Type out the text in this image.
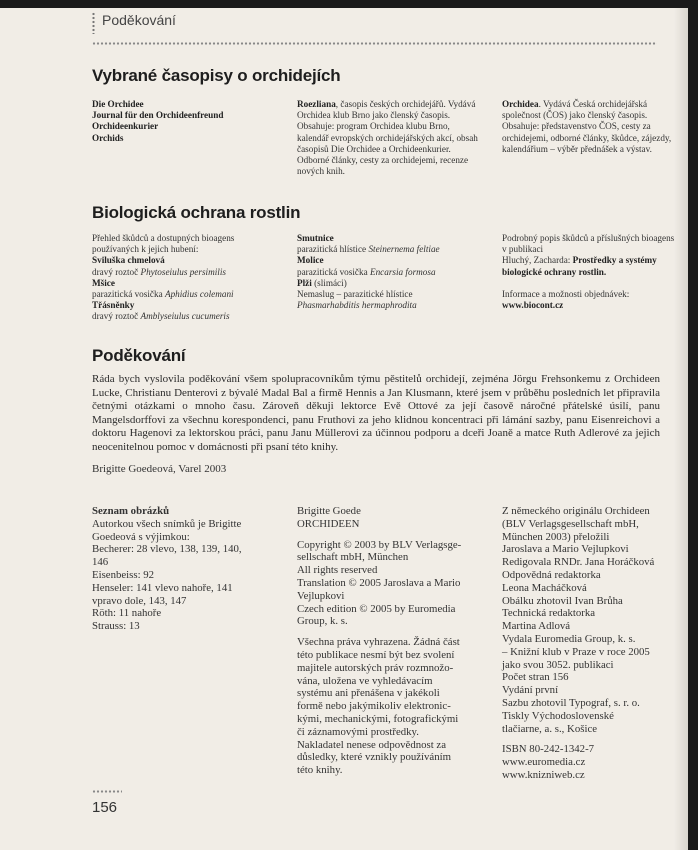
Poděkování
Vybrané časopisy o orchidejích
Die Orchidee
Journal für den Orchideenfreund
Orchideenkurier
Orchids
Roezliana, časopis českých orchidejářů. Vydává Orchidea klub Brno jako členský časopis. Obsahuje: program Orchidea klubu Brno, kalendář evropských orchidejářských akcí, obsah časopisů Die Orchidee a Orchideenkurier. Odborné články, cesty za orchidejemi, recenze nových knih.
Orchidea. Vydává Česká orchidejářská společnost (ČOS) jako členský časopis. Obsahuje: představenstvo ČOS, cesty za orchidejemi, odborné články, škůdce, zájezdy, kalendářium – výběr přednášek a výstav.
Biologická ochrana rostlin
Přehled škůdců a dostupných bioagens používaných k jejich hubení:
Sviluška chmelová
dravý roztoč Phytoseiulus persimilis
Mšice
parazitická vosička Aphidius colemani
Třásněnky
dravý roztoč Amblyseiulus cucumeris
Smutnice
parazitická hlístice Steinernema feltiae
Molice
parazitická vosička Encarsia formosa
Plži (slimáci)
Nemaslug – parazitické hlístice
Phasmarhabditis hermaphrodita
Podrobný popis škůdců a příslušných bioagens v publikaci
Hluchý, Zacharda: Prostředky a systémy biologické ochrany rostlin.
Informace a možnosti objednávek:
www.biocont.cz
Poděkování
Ráda bych vyslovila poděkování všem spolupracovníkům týmu pěstitelů orchidejí, zejména Jörgu Frehsonkemu z Orchideen Lucke, Christianu Denterovi z bývalé Madal Bal a firmě Hennis a Jan Klusmann, které jsem v průběhu posledních let připravila četnými otázkami o mnoho času. Zároveň děkuji lektorce Evě Ottové za její časově náročné přátelské úsilí, panu Mangelsdorffovi za všechnu korespondenci, panu Fruthovi za jeho klidnou koncentraci při lámání sazby, panu Eisenreichovi a doktoru Hagenovi za lektorskou práci, panu Janu Müllerovi za účinnou podporu a dceři Joaně a matce Ruth Adlerové za jejich neocenitelnou pomoc v domácnosti při psaní této knihy.
Brigitte Goedeová, Varel 2003
Seznam obrázků
Autorkou všech snímků je Brigitte
Goedeová s výjimkou:
Becherer: 28 vlevo, 138, 139, 140,
146
Eisenbeiss: 92
Henseler: 141 vlevo nahoře, 141
vpravo dole, 143, 147
Röth: 11 nahoře
Strauss: 13
Brigitte Goede
ORCHIDEEN
Copyright © 2003 by BLV Verlagsge-
sellschaft mbH, München
All rights reserved
Translation © 2005 Jaroslava a Mario
Vejlupkovi
Czech edition © 2005 by Euromedia
Group, k. s.
Všechna práva vyhrazena. Žádná část
této publikace nesmí být bez svolení
majitele autorských práv rozmnožo-
vána, uložena ve vyhledávacím
systému ani přenášena v jakékoli
formě nebo jakýmikoliv elektronic-
kými, mechanickými, fotografickými
či záznamovými prostředky.
Nakladatel nenese odpovědnost za
důsledky, které vznikly používáním
této knihy.
Z německého originálu Orchideen
(BLV Verlagsgesellschaft mbH,
München 2003) přeložili
Jaroslava a Mario Vejlupkovi
Redigovala RNDr. Jana Horáčková
Odpovědná redaktorka
Leona Macháčková
Obálku zhotovil Ivan Brůha
Technická redaktorka
Martina Adlová
Vydala Euromedia Group, k. s.
– Knižní klub v Praze v roce 2005
jako svou 3052. publikaci
Počet stran 156
Vydání první
Sazbu zhotovil Typograf, s. r. o.
Tiskly Východoslovenské
tlačiarne, a. s., Košice
ISBN 80-242-1342-7
www.euromedia.cz
www.knizniweb.cz
156
